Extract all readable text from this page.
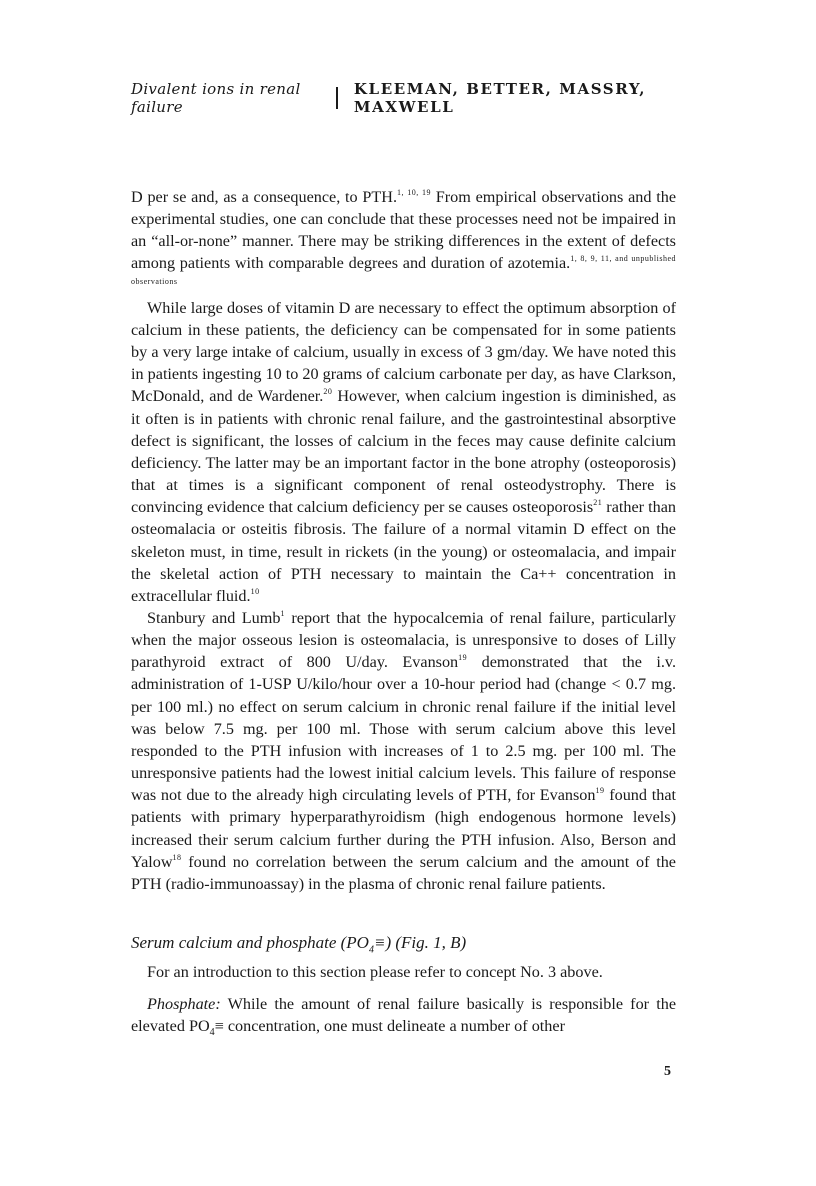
Divalent ions in renal failure
KLEEMAN, BETTER, MASSRY, MAXWELL

D per se and, as a consequence, to PTH.$^{1, 10, 19}$ From empirical observations and the experimental studies, one can conclude that these processes need not be impaired in an “all-or-none” manner. There may be striking differences in the extent of defects among patients with comparable degrees and duration of azotemia.$^{1, 8, 9, 11, and unpublished observations}$

While large doses of vitamin D are necessary to effect the optimum absorption of calcium in these patients, the deficiency can be compensated for in some patients by a very large intake of calcium, usually in excess of 3 gm/day. We have noted this in patients ingesting 10 to 20 grams of calcium carbonate per day, as have Clarkson, McDonald, and de Wardener.$^{20}$ However, when calcium ingestion is diminished, as it often is in patients with chronic renal failure, and the gastrointestinal absorptive defect is significant, the losses of calcium in the feces may cause definite calcium deficiency. The latter may be an important factor in the bone atrophy (osteoporosis) that at times is a significant component of renal osteodystrophy. There is convincing evidence that calcium deficiency per se causes osteoporosis$^{21}$ rather than osteomalacia or osteitis fibrosis. The failure of a normal vitamin D effect on the skeleton must, in time, result in rickets (in the young) or osteomalacia, and impair the skeletal action of PTH necessary to maintain the Ca++ concentration in extracellular fluid.$^{10}$

Stanbury and Lumb$^1$ report that the hypocalcemia of renal failure, particularly when the major osseous lesion is osteomalacia, is unresponsive to doses of Lilly parathyroid extract of 800 U/day. Evanson$^{19}$ demonstrated that the i.v. administration of 1-USP U/kilo/hour over a 10-hour period had (change < 0.7 mg. per 100 ml.) no effect on serum calcium in chronic renal failure if the initial level was below 7.5 mg. per 100 ml. Those with serum calcium above this level responded to the PTH infusion with increases of 1 to 2.5 mg. per 100 ml. The unresponsive patients had the lowest initial calcium levels. This failure of response was not due to the already high circulating levels of PTH, for Evanson$^{19}$ found that patients with primary hyperparathyroidism (high endogenous hormone levels) increased their serum calcium further during the PTH infusion. Also, Berson and Yalow$^{18}$ found no correlation between the serum calcium and the amount of the PTH (radio-immunoassay) in the plasma of chronic renal failure patients.

Serum calcium and phosphate $(PO_4\equiv)$ (Fig. 1, B)

For an introduction to this section please refer to concept No. 3 above.

Phosphate: While the amount of renal failure basically is responsible for the elevated $PO_4\equiv$ concentration, one must delineate a number of other

5
